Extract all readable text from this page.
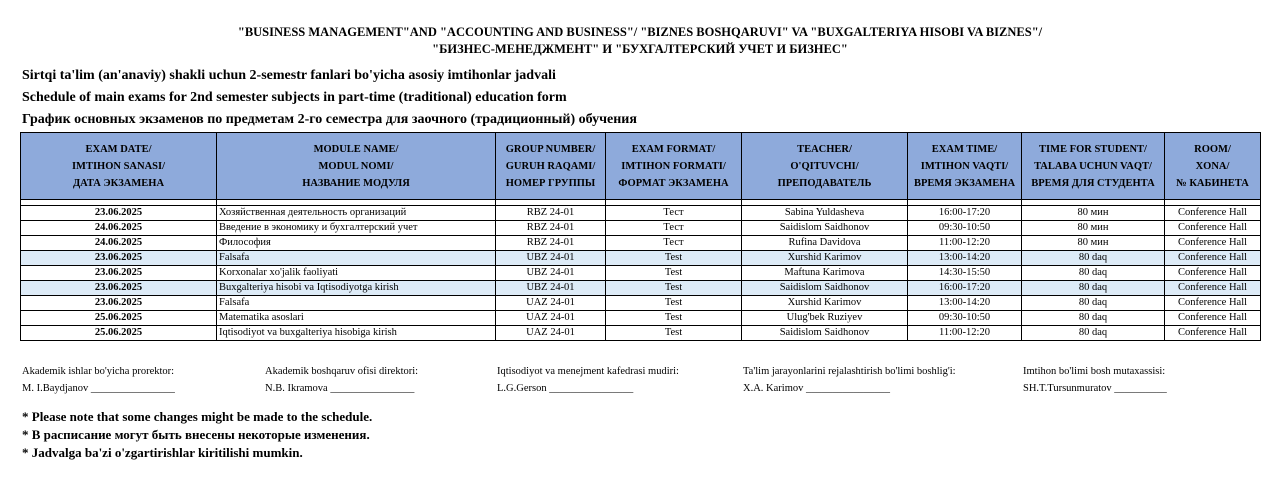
"BUSINESS MANAGEMENT"AND "ACCOUNTING AND BUSINESS"/ "BIZNES BOSHQARUVI" VA "BUXGALTERIYA HISOBI VA BIZNES"/
"БИЗНЕС-МЕНЕДЖМЕНТ" И "БУХГАЛТЕРСКИЙ УЧЕТ И БИЗНЕС"
Sirtqi ta'lim (an'anaviy) shakli uchun 2-semestr fanlari bo'yicha asosiy imtihonlar jadvali
Schedule of main exams for 2nd semester subjects in part-time (traditional) education form
График основных экзаменов по предметам 2-го семестра для заочного (традиционный) обучения
EXAM DATE/
IMTIHON SANASI/
ДАТА ЭКЗАМЕНА	MODULE NAME/
MODUL NOMI/
НАЗВАНИЕ МОДУЛЯ	GROUP NUMBER/
GURUH RAQAMI/
НОМЕР ГРУППЫ	EXAM FORMAT/
IMTIHON FORMATI/
ФОРМАТ ЭКЗАМЕНА	TEACHER/
O'QITUVCHI/
ПРЕПОДАВАТЕЛЬ	EXAM TIME/
IMTIHON VAQTI/
ВРЕМЯ ЭКЗАМЕНА	TIME FOR STUDENT/
TALABA UCHUN VAQT/
ВРЕМЯ ДЛЯ СТУДЕНТА	ROOM/
XONA/
№ КАБИНЕТА

23.06.2025	Хозяйственная деятельность организаций	RBZ 24-01	Тест	Sabina Yuldasheva	16:00-17:20	80 мин	Conference Hall
24.06.2025	Введение в экономику и бухгалтерский учет	RBZ 24-01	Тест	Saidislom Saidhonov	09:30-10:50	80 мин	Conference Hall
24.06.2025	Философия	RBZ 24-01	Тест	Rufina Davidova	11:00-12:20	80 мин	Conference Hall
23.06.2025	Falsafa	UBZ 24-01	Test	Xurshid Karimov	13:00-14:20	80 daq	Conference Hall
23.06.2025	Korxonalar xo'jalik faoliyati	UBZ 24-01	Test	Maftuna Karimova	14:30-15:50	80 daq	Conference Hall
23.06.2025	Buxgalteriya hisobi va Iqtisodiyotga kirish	UBZ 24-01	Test	Saidislom Saidhonov	16:00-17:20	80 daq	Conference Hall
23.06.2025	Falsafa	UAZ 24-01	Test	Xurshid Karimov	13:00-14:20	80 daq	Conference Hall
25.06.2025	Matematika asoslari	UAZ 24-01	Test	Ulug'bek Ruziyev	09:30-10:50	80 daq	Conference Hall
25.06.2025	Iqtisodiyot va buxgalteriya hisobiga kirish	UAZ 24-01	Test	Saidislom Saidhonov	11:00-12:20	80 daq	Conference Hall
Akademik ishlar bo'yicha prorektor:
M. I.Baydjanov ________________
Akademik boshqaruv ofisi direktori:
N.B. Ikramova ________________
Iqtisodiyot va menejment kafedrasi mudiri:
L.G.Gerson ________________
Ta'lim jarayonlarini rejalashtirish bo'limi boshlig'i:
X.A. Karimov ________________
Imtihon bo'limi bosh mutaxassisi:
SH.T.Tursunmuratov __________
* Please note that some changes might be made to the schedule.
* В расписание могут быть внесены некоторые изменения.
* Jadvalga ba'zi o'zgartirishlar kiritilishi mumkin.
